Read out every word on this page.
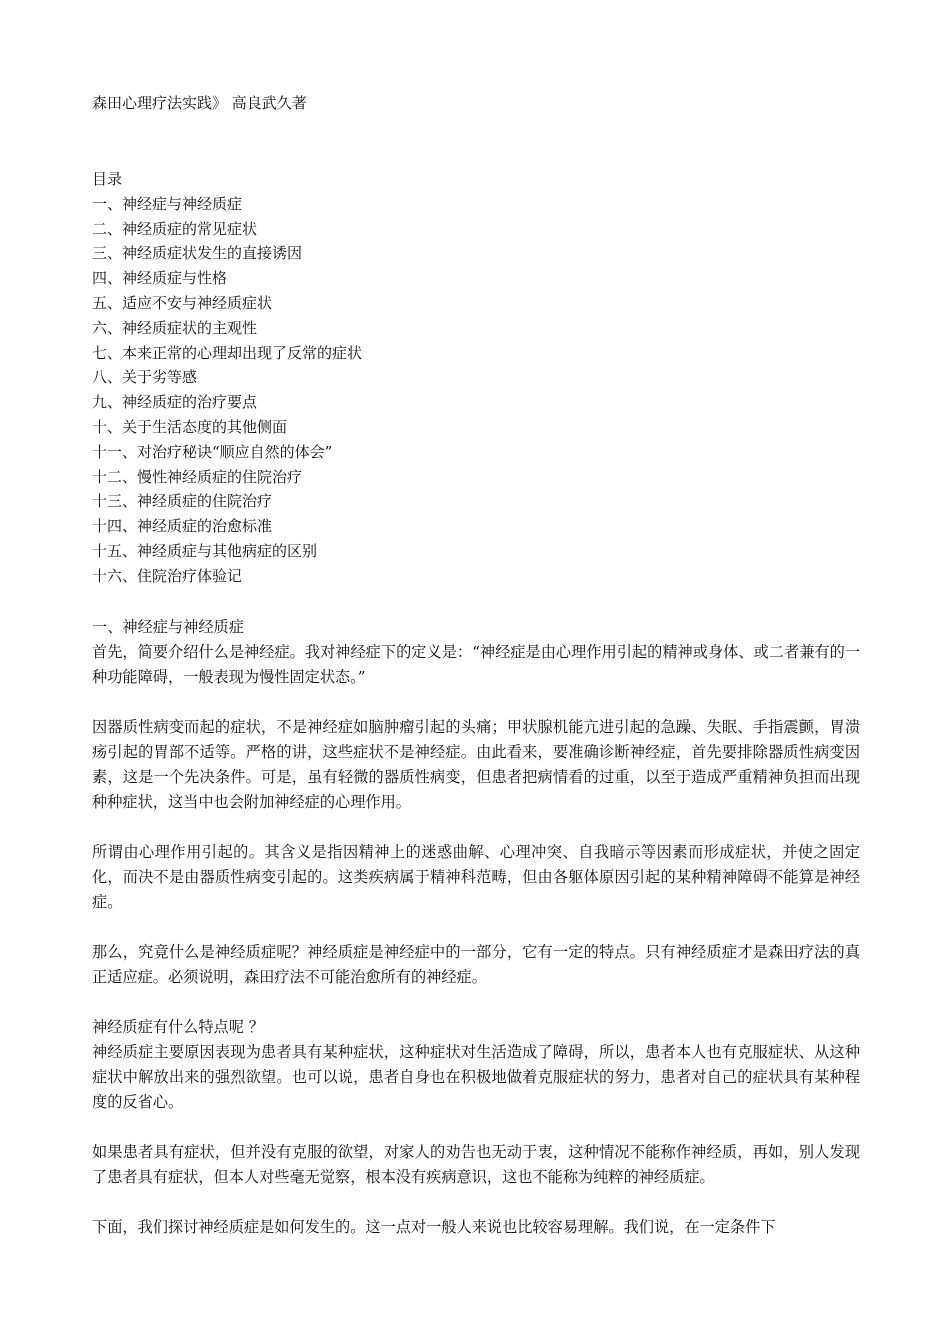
森田心理疗法实践》 高良武久著
目录
一、神经症与神经质症
二、神经质症的常见症状
三、神经质症状发生的直接诱因
四、神经质症与性格
五、适应不安与神经质症状
六、神经质症状的主观性
七、本来正常的心理却出现了反常的症状
八、关于劣等感
九、神经质症的治疗要点
十、关于生活态度的其他侧面
十一、对治疗秘诀“顺应自然的体会”
十二、慢性神经质症的住院治疗
十三、神经质症的住院治疗
十四、神经质症的治愈标准
十五、神经质症与其他病症的区别
十六、住院治疗体验记

一、神经症与神经质症

首先，简要介绍什么是神经症。我对神经症下的定义是：“神经症是由心理作用引起的精神或身体、或二者兼有的一种功能障碍，一般表现为慢性固定状态。”

因器质性病变而起的症状，不是神经症如脑肿瘤引起的头痛；甲状腺机能亢进引起的急躁、失眠、手指震颤，胃溃疡引起的胃部不适等。严格的讲，这些症状不是神经症。由此看来，要准确诊断神经症，首先要排除器质性病变因素，这是一个先决条件。可是，虽有轻微的器质性病变，但患者把病情看的过重，以至于造成严重精神负担而出现种种症状，这当中也会附加神经症的心理作用。

所谓由心理作用引起的。其含义是指因精神上的迷惑曲解、心理冲突、自我暗示等因素而形成症状，并使之固定化，而决不是由器质性病变引起的。这类疾病属于精神科范畴，但由各躯体原因引起的某种精神障碍不能算是神经症。

那么，究竟什么是神经质症呢？神经质症是神经症中的一部分，它有一定的特点。只有神经质症才是森田疗法的真正适应症。必须说明，森田疗法不可能治愈所有的神经症。

神经质症有什么特点呢 ？

神经质症主要原因表现为患者具有某种症状，这种症状对生活造成了障碍，所以，患者本人也有克服症状、从这种症状中解放出来的强烈欲望。也可以说，患者自身也在积极地做着克服症状的努力，患者对自己的症状具有某种程度的反省心。

如果患者具有症状，但并没有克服的欲望，对家人的劝告也无动于衷，这种情况不能称作神经质，再如，别人发现了患者具有症状，但本人对些毫无觉察，根本没有疾病意识，这也不能称为纯粹的神经质症。

下面，我们探讨神经质症是如何发生的。这一点对一般人来说也比较容易理解。我们说，在一定条件下
